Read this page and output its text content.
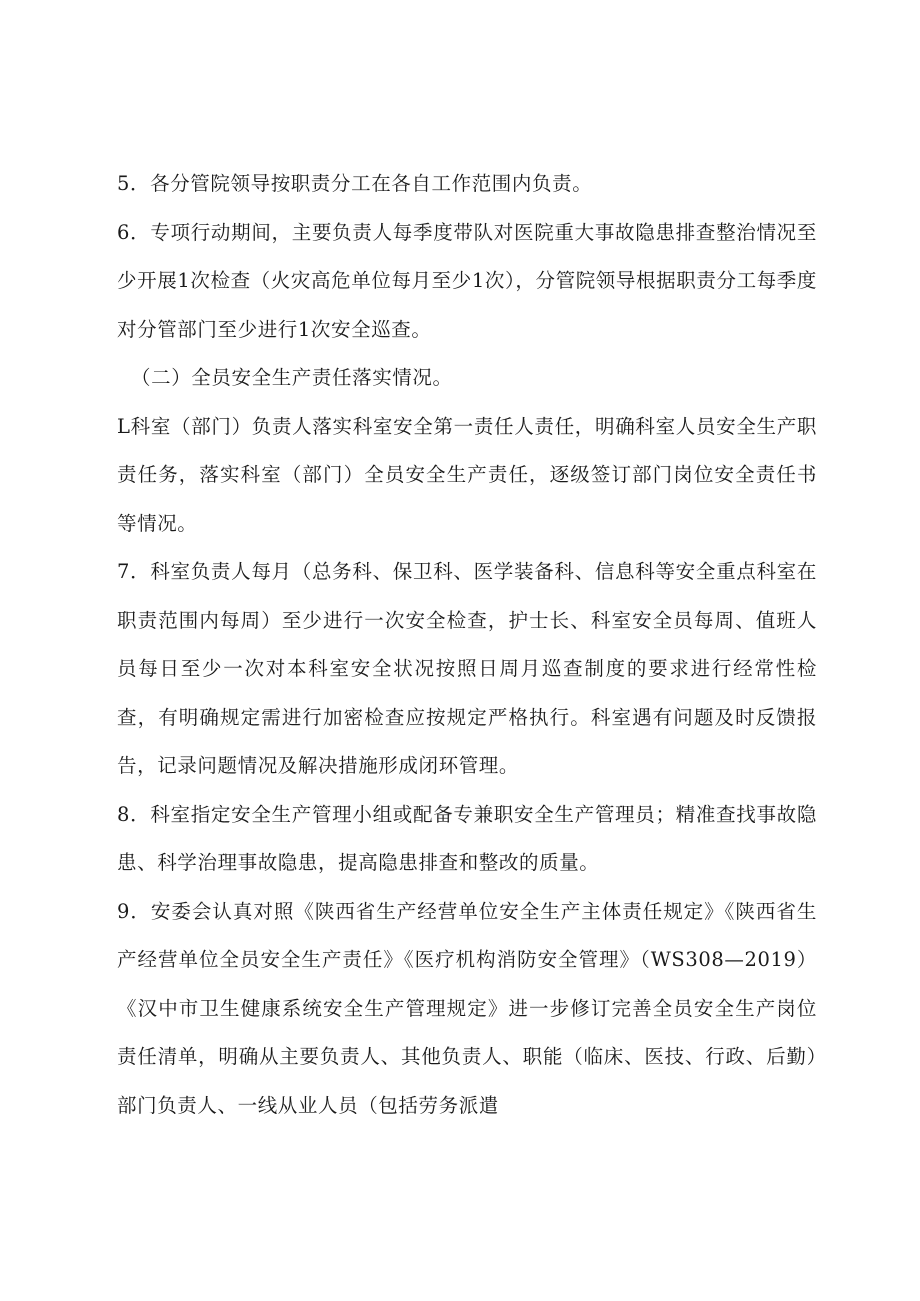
5．各分管院领导按职责分工在各自工作范围内负责。

6．专项行动期间，主要负责人每季度带队对医院重大事故隐患排查整治情况至少开展1次检查（火灾高危单位每月至少1次），分管院领导根据职责分工每季度对分管部门至少进行1次安全巡查。

（二）全员安全生产责任落实情况。

L科室（部门）负责人落实科室安全第一责任人责任，明确科室人员安全生产职责任务，落实科室（部门）全员安全生产责任，逐级签订部门岗位安全责任书等情况。

7．科室负责人每月（总务科、保卫科、医学装备科、信息科等安全重点科室在职责范围内每周）至少进行一次安全检查，护士长、科室安全员每周、值班人员每日至少一次对本科室安全状况按照日周月巡查制度的要求进行经常性检查，有明确规定需进行加密检查应按规定严格执行。科室遇有问题及时反馈报告，记录问题情况及解决措施形成闭环管理。

8．科室指定安全生产管理小组或配备专兼职安全生产管理员；精准查找事故隐患、科学治理事故隐患，提高隐患排查和整改的质量。

9．安委会认真对照《陕西省生产经营单位安全生产主体责任规定》《陕西省生产经营单位全员安全生产责任》《医疗机构消防安全管理》（WS308—2019）《汉中市卫生健康系统安全生产管理规定》进一步修订完善全员安全生产岗位责任清单，明确从主要负责人、其他负责人、职能（临床、医技、行政、后勤）部门负责人、一线从业人员（包括劳务派遣
